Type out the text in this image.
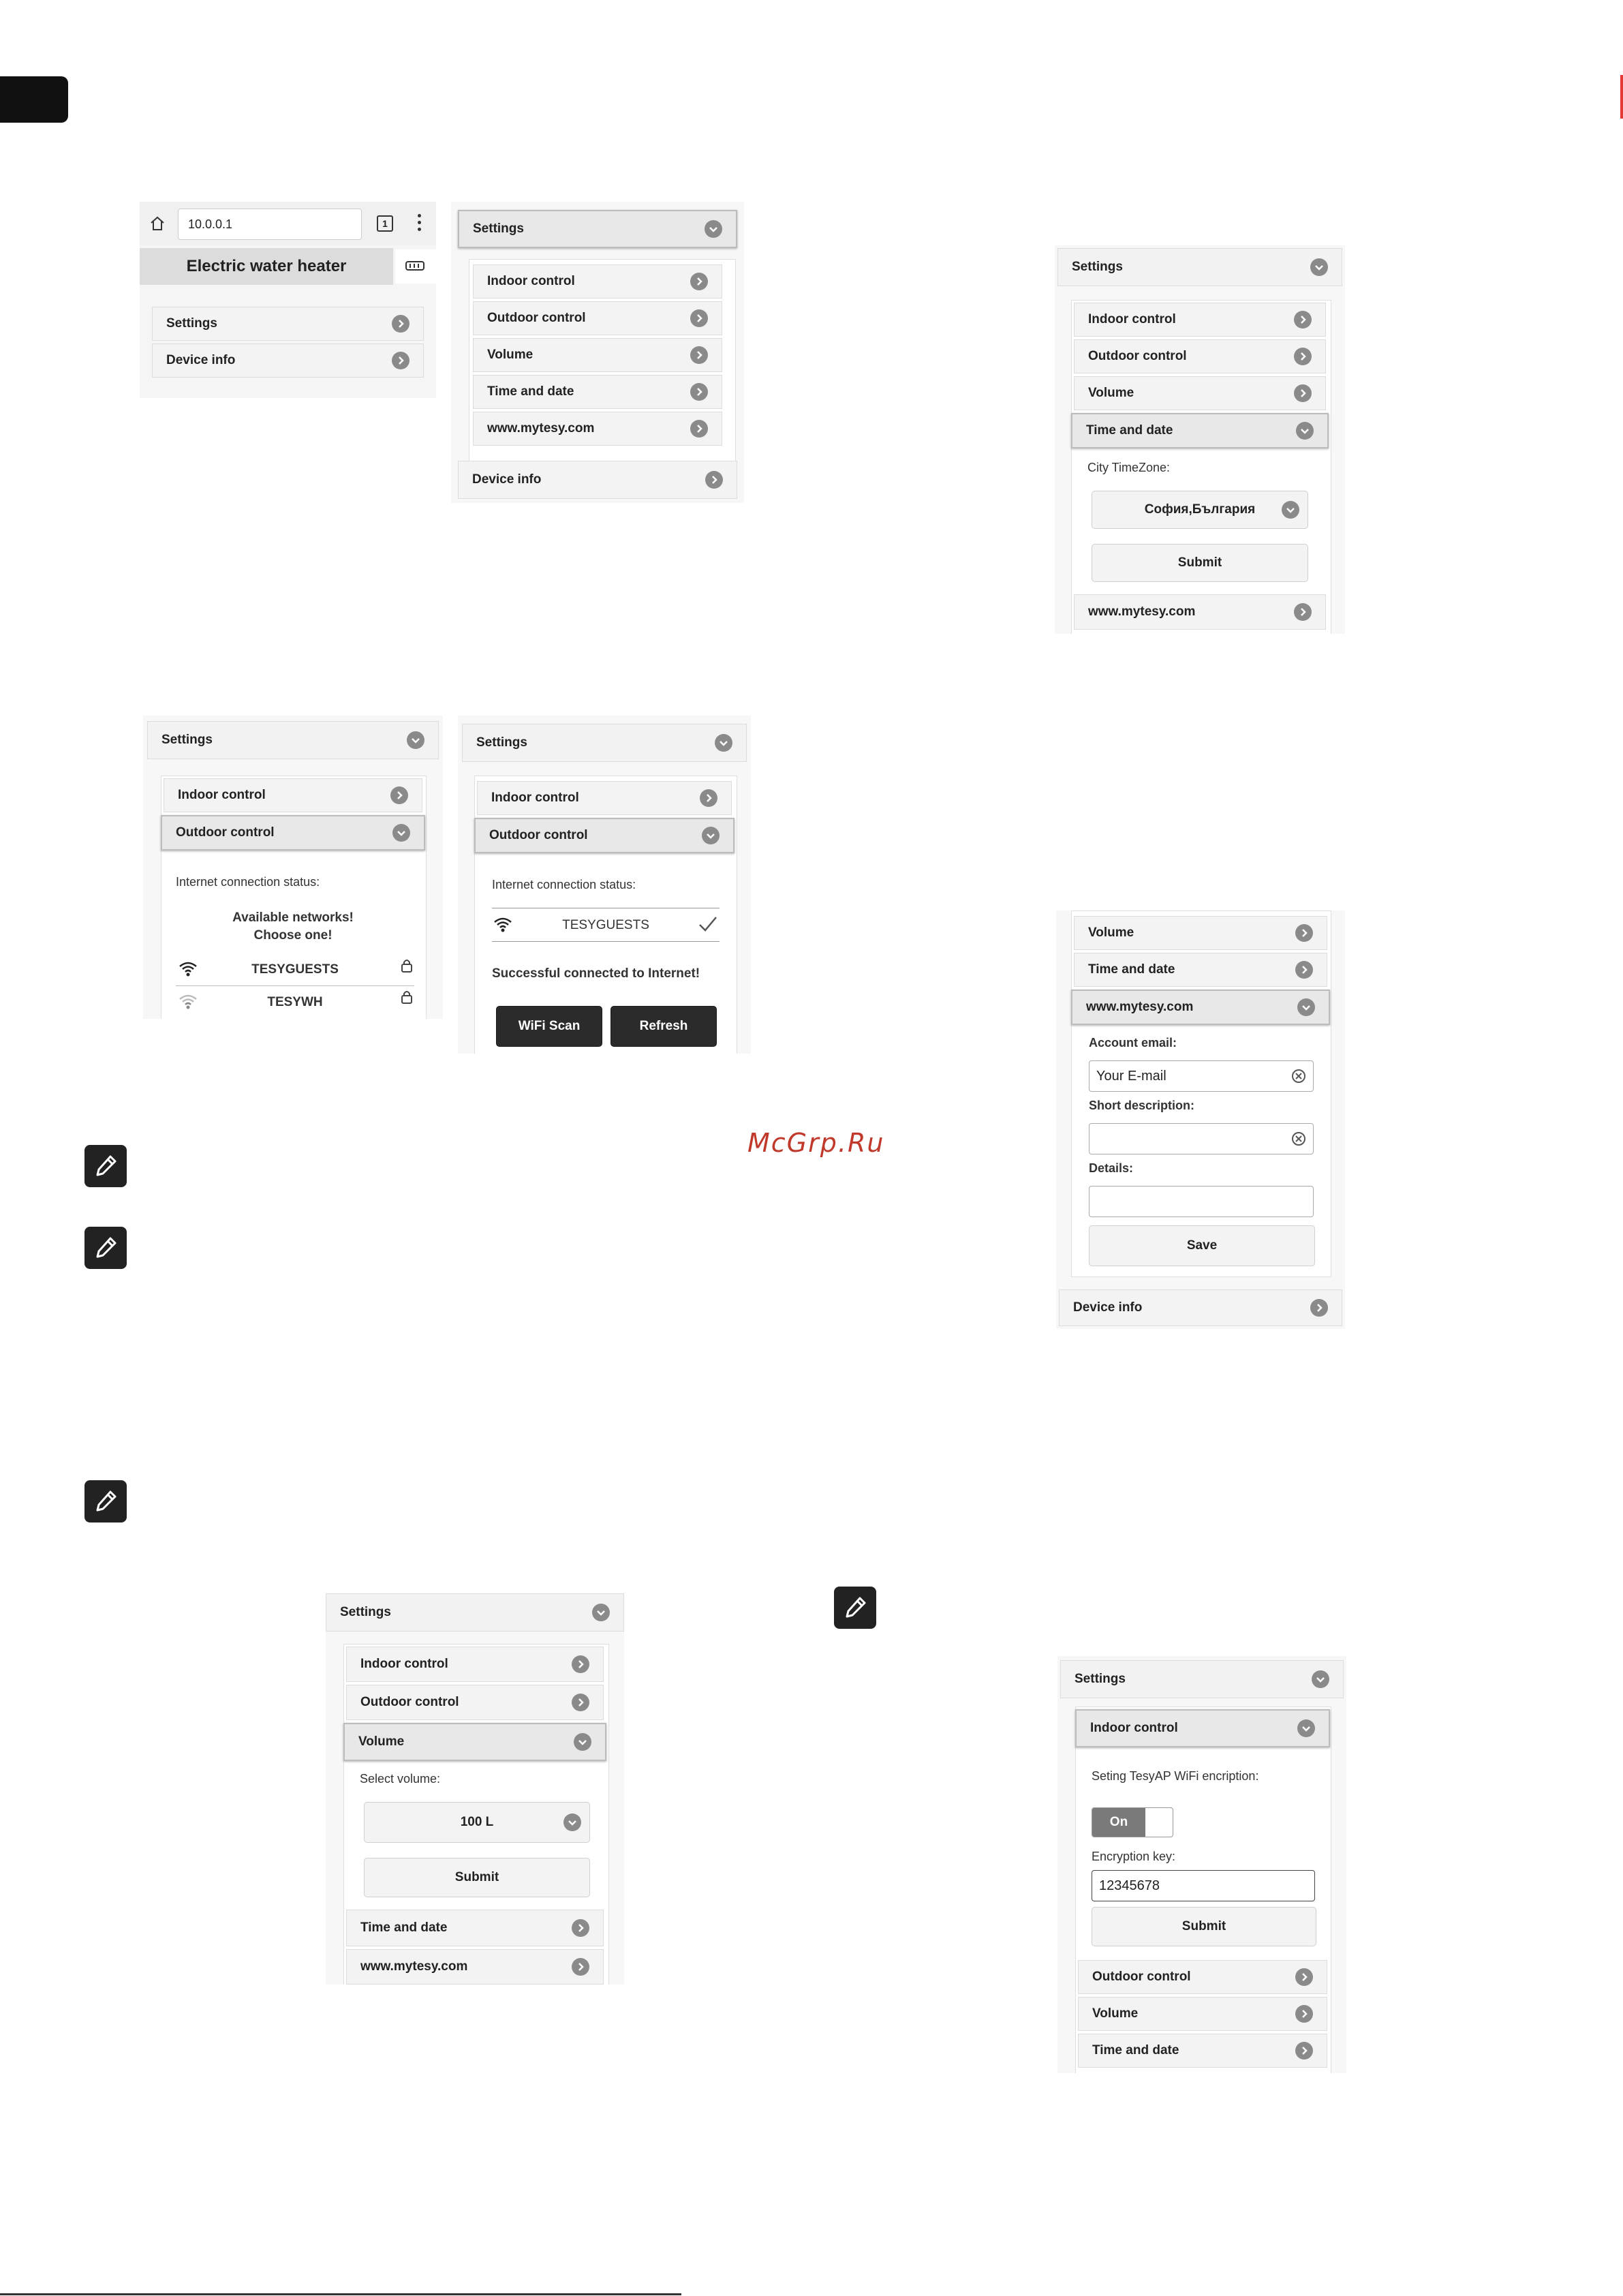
McGrp.Ru
10.0.0.1	1
Electric water heater
Settings
Device info
Settings
Indoor control
Outdoor control
Volume
Time and date
www.mytesy.com
Device info
Settings
Indoor control
Outdoor control
Volume
Time and date
City TimeZone:
София,България
Submit
www.mytesy.com
Settings
Indoor control
Outdoor control
Internet connection status:
Available networks!
Choose one!
TESYGUESTS
TESYWH
Settings
Indoor control
Outdoor control
Internet connection status:
TESYGUESTS
Successful connected to Internet!
WiFi Scan	Refresh
Volume
Time and date
www.mytesy.com
Account email:
Your E-mail
Short description:
Details:
Save
Device info
Settings
Indoor control
Outdoor control
Volume
Select volume:
100 L
Submit
Time and date
www.mytesy.com
Settings
Indoor control
Seting TesyAP WiFi encription:
On
Encryption key:
12345678
Submit
Outdoor control
Volume
Time and date
